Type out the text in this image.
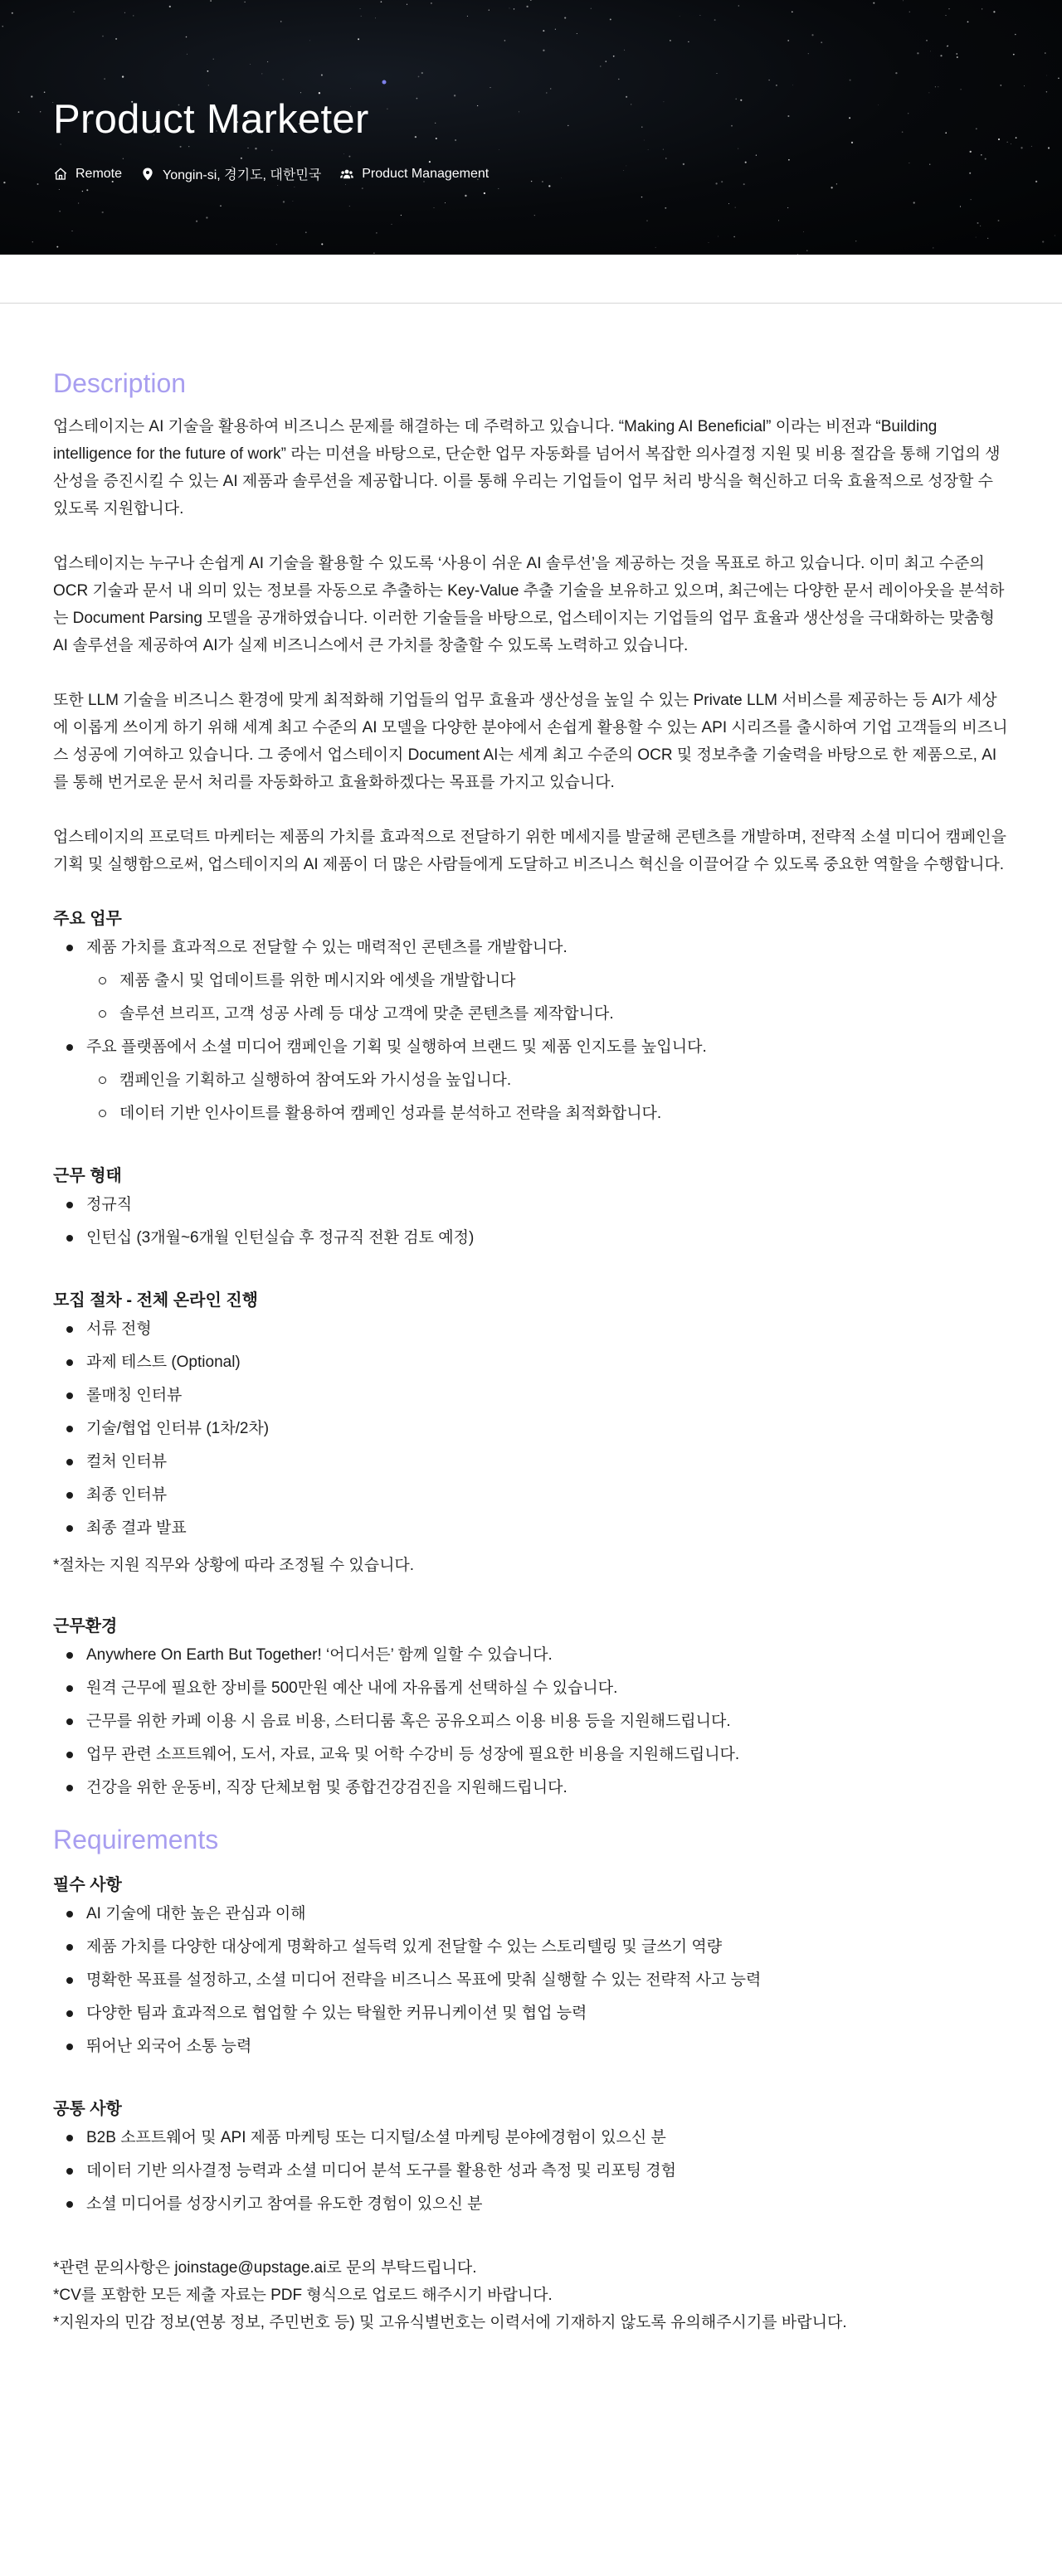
Product Marketer
Remote	Yongin-si, 경기도, 대한민국	Product Management
Description

업스테이지는 AI 기술을 활용하여 비즈니스 문제를 해결하는 데 주력하고 있습니다. “Making AI Beneficial” 이라는 비전과 “Building intelligence for the future of work” 라는 미션을 바탕으로, 단순한 업무 자동화를 넘어서 복잡한 의사결정 지원 및 비용 절감을 통해 기업의 생산성을 증진시킬 수 있는 AI 제품과 솔루션을 제공합니다. 이를 통해 우리는 기업들이 업무 처리 방식을 혁신하고 더욱 효율적으로 성장할 수 있도록 지원합니다.

업스테이지는 누구나 손쉽게 AI 기술을 활용할 수 있도록 ‘사용이 쉬운 AI 솔루션’을 제공하는 것을 목표로 하고 있습니다. 이미 최고 수준의 OCR 기술과 문서 내 의미 있는 정보를 자동으로 추출하는 Key-Value 추출 기술을 보유하고 있으며, 최근에는 다양한 문서 레이아웃을 분석하는 Document Parsing 모델을 공개하였습니다. 이러한 기술들을 바탕으로, 업스테이지는 기업들의 업무 효율과 생산성을 극대화하는 맞춤형 AI 솔루션을 제공하여 AI가 실제 비즈니스에서 큰 가치를 창출할 수 있도록 노력하고 있습니다.

또한 LLM 기술을 비즈니스 환경에 맞게 최적화해 기업들의 업무 효율과 생산성을 높일 수 있는 Private LLM 서비스를 제공하는 등 AI가 세상에 이롭게 쓰이게 하기 위해 세계 최고 수준의 AI 모델을 다양한 분야에서 손쉽게 활용할 수 있는 API 시리즈를 출시하여 기업 고객들의 비즈니스 성공에 기여하고 있습니다. 그 중에서 업스테이지 Document AI는 세계 최고 수준의 OCR 및 정보추출 기술력을 바탕으로 한 제품으로, AI를 통해 번거로운 문서 처리를 자동화하고 효율화하겠다는 목표를 가지고 있습니다.

업스테이지의 프로덕트 마케터는 제품의 가치를 효과적으로 전달하기 위한 메세지를 발굴해 콘텐츠를 개발하며, 전략적 소셜 미디어 캠페인을 기획 및 실행함으로써, 업스테이지의 AI 제품이 더 많은 사람들에게 도달하고 비즈니스 혁신을 이끌어갈 수 있도록 중요한 역할을 수행합니다.

주요 업무
제품 가치를 효과적으로 전달할 수 있는 매력적인 콘텐츠를 개발합니다.
제품 출시 및 업데이트를 위한 메시지와 에셋을 개발합니다
솔루션 브리프, 고객 성공 사례 등 대상 고객에 맞춘 콘텐츠를 제작합니다.
주요 플랫폼에서 소셜 미디어 캠페인을 기획 및 실행하여 브랜드 및 제품 인지도를 높입니다.
캠페인을 기획하고 실행하여 참여도와 가시성을 높입니다.
데이터 기반 인사이트를 활용하여 캠페인 성과를 분석하고 전략을 최적화합니다.
근무 형태
정규직
인턴십 (3개월~6개월 인턴실습 후 정규직 전환 검토 예정)
모집 절차 - 전체 온라인 진행
서류 전형
과제 테스트 (Optional)
롤매칭 인터뷰
기술/협업 인터뷰 (1차/2차)
컬처 인터뷰
최종 인터뷰
최종 결과 발표

*절차는 지원 직무와 상황에 따라 조정될 수 있습니다.

근무환경
Anywhere On Earth But Together! ‘어디서든’ 함께 일할 수 있습니다.
원격 근무에 필요한 장비를 500만원 예산 내에 자유롭게 선택하실 수 있습니다.
근무를 위한 카페 이용 시 음료 비용, 스터디룸 혹은 공유오피스 이용 비용 등을 지원해드립니다.
업무 관련 소프트웨어, 도서, 자료, 교육 및 어학 수강비 등 성장에 필요한 비용을 지원해드립니다.
건강을 위한 운동비, 직장 단체보험 및 종합건강검진을 지원해드립니다.
Requirements
필수 사항
AI 기술에 대한 높은 관심과 이해
제품 가치를 다양한 대상에게 명확하고 설득력 있게 전달할 수 있는 스토리텔링 및 글쓰기 역량
명확한 목표를 설정하고, 소셜 미디어 전략을 비즈니스 목표에 맞춰 실행할 수 있는 전략적 사고 능력
다양한 팀과 효과적으로 협업할 수 있는 탁월한 커뮤니케이션 및 협업 능력
뛰어난 외국어 소통 능력
공통 사항
B2B 소프트웨어 및 API 제품 마케팅 또는 디지털/소셜 마케팅 분야에경험이 있으신 분
데이터 기반 의사결정 능력과 소셜 미디어 분석 도구를 활용한 성과 측정 및 리포팅 경험
소셜 미디어를 성장시키고 참여를 유도한 경험이 있으신 분

*관련 문의사항은 joinstage@upstage.ai로 문의 부탁드립니다.

*CV를 포함한 모든 제출 자료는 PDF 형식으로 업로드 해주시기 바랍니다.

*지원자의 민감 정보(연봉 정보, 주민번호 등) 및 고유식별번호는 이력서에 기재하지 않도록 유의해주시기를 바랍니다.
